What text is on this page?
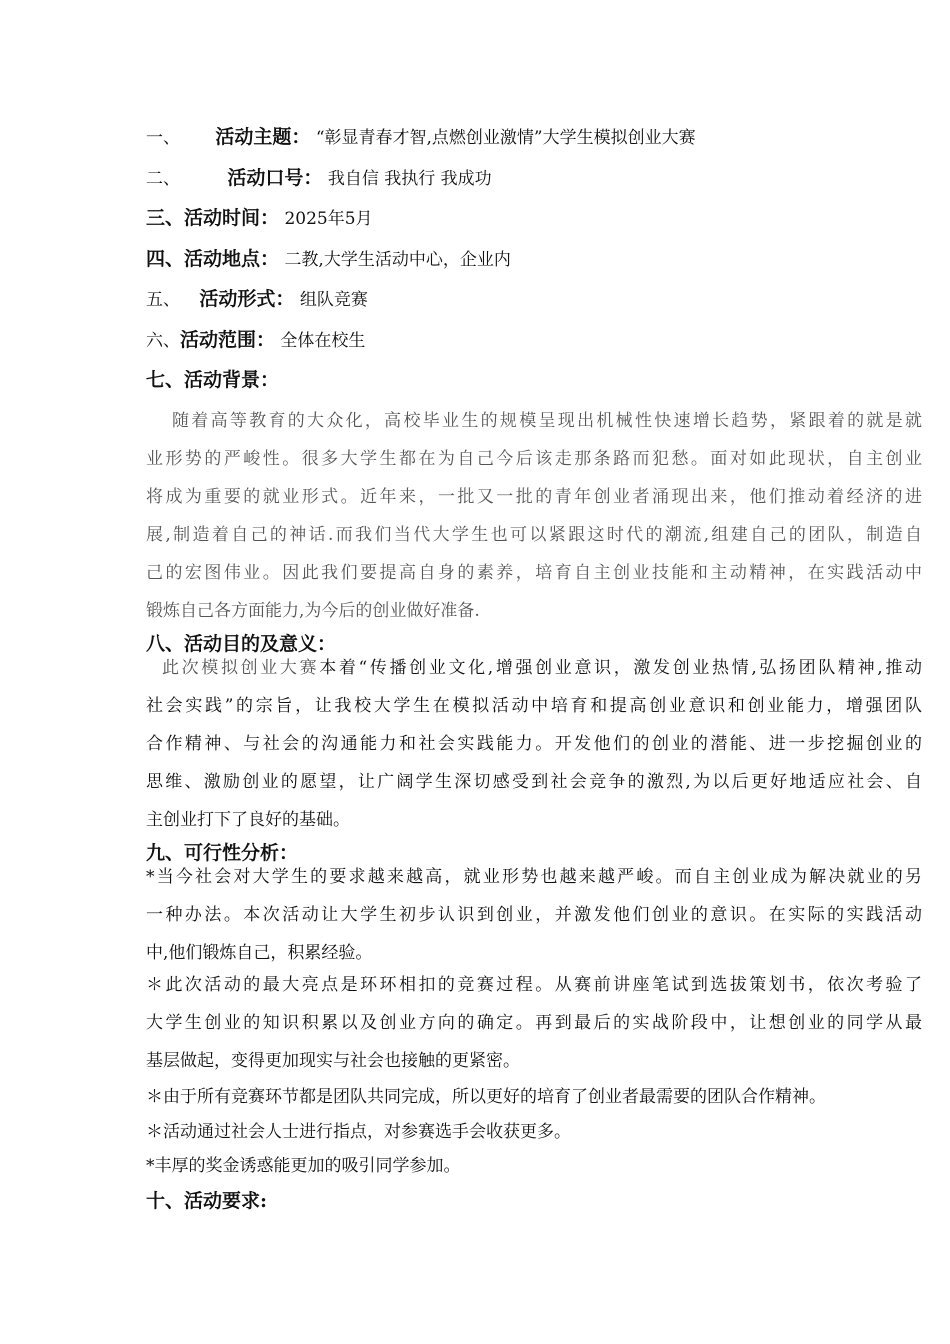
一、 活动主题： “彰显青春才智,点燃创业激情”大学生模拟创业大赛
二、 活动口号： 我自信 我执行 我成功
三、活动时间： 2025年5月
四、活动地点： 二教,大学生活动中心，企业内
五、 活动形式： 组队竞赛
六、活动范围： 全体在校生
七、活动背景：
随着高等教育的大众化，高校毕业生的规模呈现出机械性快速增长趋势，紧跟着的就是就
业形势的严峻性。很多大学生都在为自己今后该走那条路而犯愁。面对如此现状，自主创业
将成为重要的就业形式。近年来，一批又一批的青年创业者涌现出来，他们推动着经济的进
展,制造着自己的神话.而我们当代大学生也可以紧跟这时代的潮流,组建自己的团队，制造自
己的宏图伟业。因此我们要提高自身的素养，培育自主创业技能和主动精神，在实践活动中
锻炼自己各方面能力,为今后的创业做好准备.
八、活动目的及意义：
此次模拟创业大赛本着“传播创业文化,增强创业意识，激发创业热情,弘扬团队精神,推动
社会实践”的宗旨，让我校大学生在模拟活动中培育和提高创业意识和创业能力，增强团队
合作精神、与社会的沟通能力和社会实践能力。开发他们的创业的潜能、进一步挖掘创业的
思维、激励创业的愿望，让广阔学生深切感受到社会竞争的激烈,为以后更好地适应社会、自
主创业打下了良好的基础。
九、可行性分析：
*当今社会对大学生的要求越来越高，就业形势也越来越严峻。而自主创业成为解决就业的另
一种办法。本次活动让大学生初步认识到创业，并激发他们创业的意识。在实际的实践活动
中,他们锻炼自己，积累经验。
＊此次活动的最大亮点是环环相扣的竞赛过程。从赛前讲座笔试到选拔策划书，依次考验了
大学生创业的知识积累以及创业方向的确定。再到最后的实战阶段中，让想创业的同学从最
基层做起，变得更加现实与社会也接触的更紧密。
＊由于所有竞赛环节都是团队共同完成，所以更好的培育了创业者最需要的团队合作精神。
＊活动通过社会人士进行指点，对参赛选手会收获更多。
*丰厚的奖金诱惑能更加的吸引同学参加。
十、活动要求:
